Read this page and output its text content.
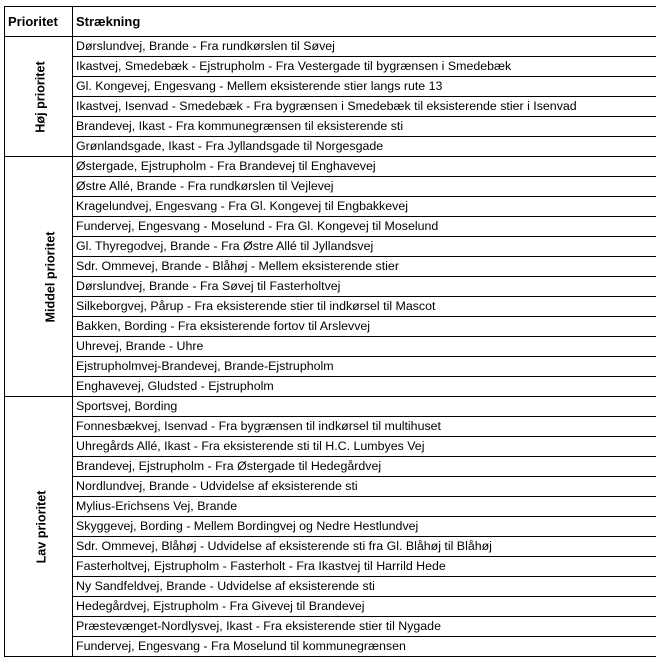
Prioritet	Strækning
Høj prioritet	Dørslundvej, Brande - Fra rundkørslen til Søvej
	Ikastvej, Smedebæk - Ejstrupholm - Fra Vestergade til bygrænsen i Smedebæk
	Gl. Kongevej, Engesvang - Mellem eksisterende stier langs rute 13
	Ikastvej, Isenvad - Smedebæk - Fra bygrænsen i Smedebæk til eksisterende stier i Isenvad
	Brandevej, Ikast - Fra kommunegrænsen til eksisterende sti
	Grønlandsgade, Ikast - Fra Jyllandsgade til Norgesgade
Middel prioritet	Østergade, Ejstrupholm - Fra Brandevej til Enghavevej
	Østre Allé, Brande - Fra rundkørslen til Vejlevej
	Kragelundvej, Engesvang - Fra Gl. Kongevej til Engbakkevej
	Fundervej, Engesvang - Moselund - Fra Gl. Kongevej til Moselund
	Gl. Thyregodvej, Brande - Fra Østre Allé til Jyllandsvej
	Sdr. Ommevej, Brande - Blåhøj - Mellem eksisterende stier
	Dørslundvej, Brande - Fra Søvej til Fasterholtvej
	Silkeborgvej, Pårup - Fra eksisterende stier til indkørsel til Mascot
	Bakken, Bording - Fra eksisterende fortov til Arslevvej
	Uhrevej, Brande - Uhre
	Ejstrupholmvej-Brandevej, Brande-Ejstrupholm
	Enghavevej, Gludsted - Ejstrupholm
Lav prioritet	Sportsvej, Bording
	Fonnesbækvej, Isenvad - Fra bygrænsen til indkørsel til multihuset
	Uhregårds Allé, Ikast - Fra eksisterende sti til H.C. Lumbyes Vej
	Brandevej, Ejstrupholm - Fra Østergade til Hedegårdvej
	Nordlundvej, Brande - Udvidelse af eksisterende sti
	Mylius-Erichsens Vej, Brande
	Skyggevej, Bording - Mellem Bordingvej og Nedre Hestlundvej
	Sdr. Ommevej, Blåhøj - Udvidelse af eksisterende sti fra Gl. Blåhøj til Blåhøj
	Fasterholtvej, Ejstrupholm - Fasterholt - Fra Ikastvej til Harrild Hede
	Ny Sandfeldvej, Brande - Udvidelse af eksisterende sti
	Hedegårdvej, Ejstrupholm - Fra Givevej til Brandevej
	Præstevænget-Nordlysvej, Ikast - Fra eksisterende stier til Nygade
	Fundervej, Engesvang - Fra Moselund til kommunegrænsen
